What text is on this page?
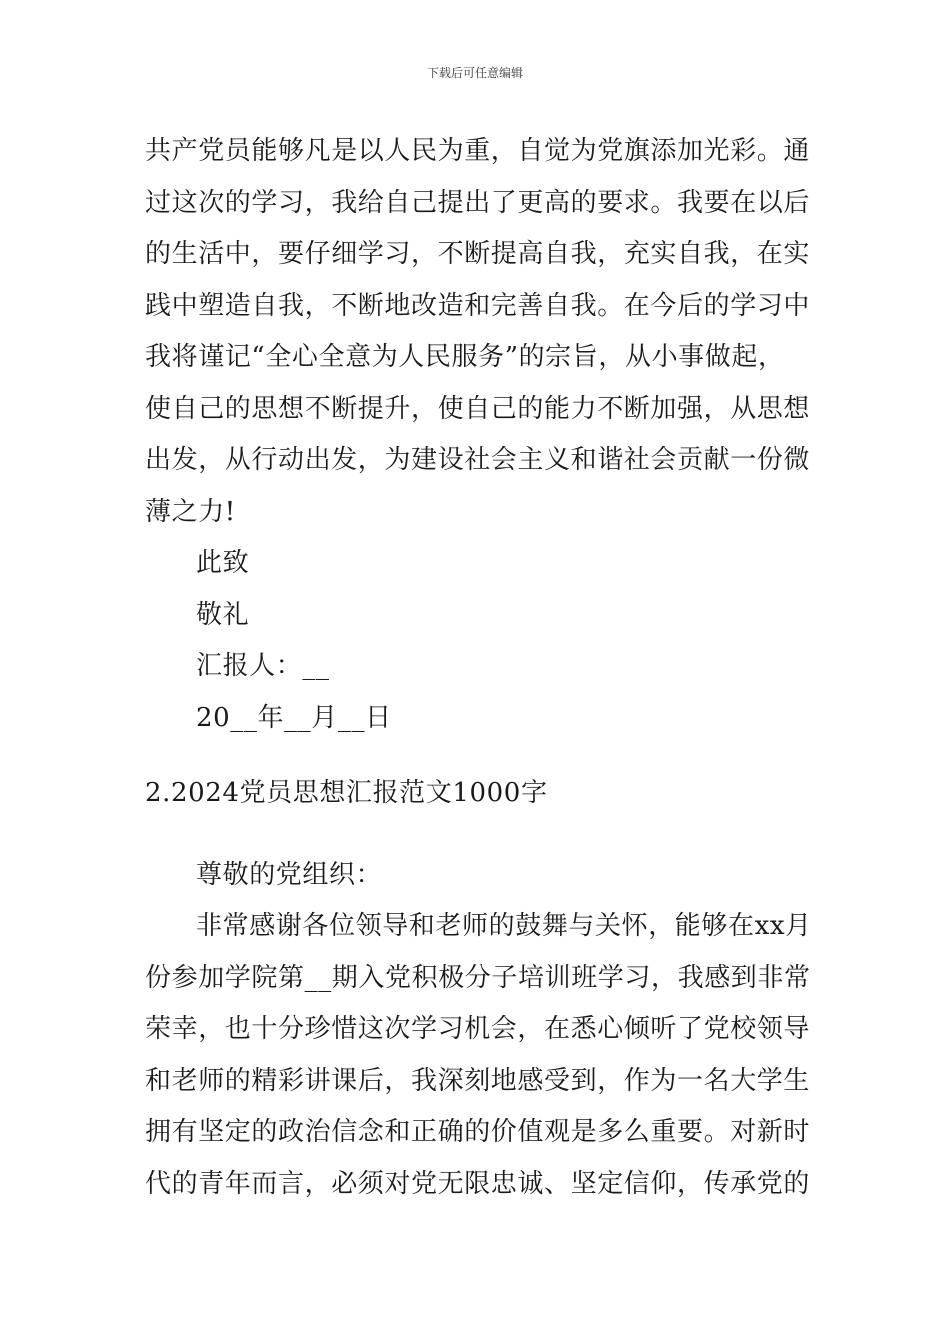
下载后可任意编辑
共产党员能够凡是以人民为重，自觉为党旗添加光彩。通
过这次的学习，我给自己提出了更高的要求。我要在以后
的生活中，要仔细学习，不断提高自我，充实自我，在实
践中塑造自我，不断地改造和完善自我。在今后的学习中
我将谨记“全心全意为人民服务”的宗旨，从小事做起，
使自己的思想不断提升，使自己的能力不断加强，从思想
出发，从行动出发，为建设社会主义和谐社会贡献一份微
薄之力!
此致
敬礼
汇报人：__
20__年__月__日
2.2024党员思想汇报范文1000字
尊敬的党组织：
非常感谢各位领导和老师的鼓舞与关怀，能够在xx月
份参加学院第__期入党积极分子培训班学习，我感到非常
荣幸，也十分珍惜这次学习机会，在悉心倾听了党校领导
和老师的精彩讲课后，我深刻地感受到，作为一名大学生
拥有坚定的政治信念和正确的价值观是多么重要。对新时
代的青年而言，必须对党无限忠诚、坚定信仰，传承党的
